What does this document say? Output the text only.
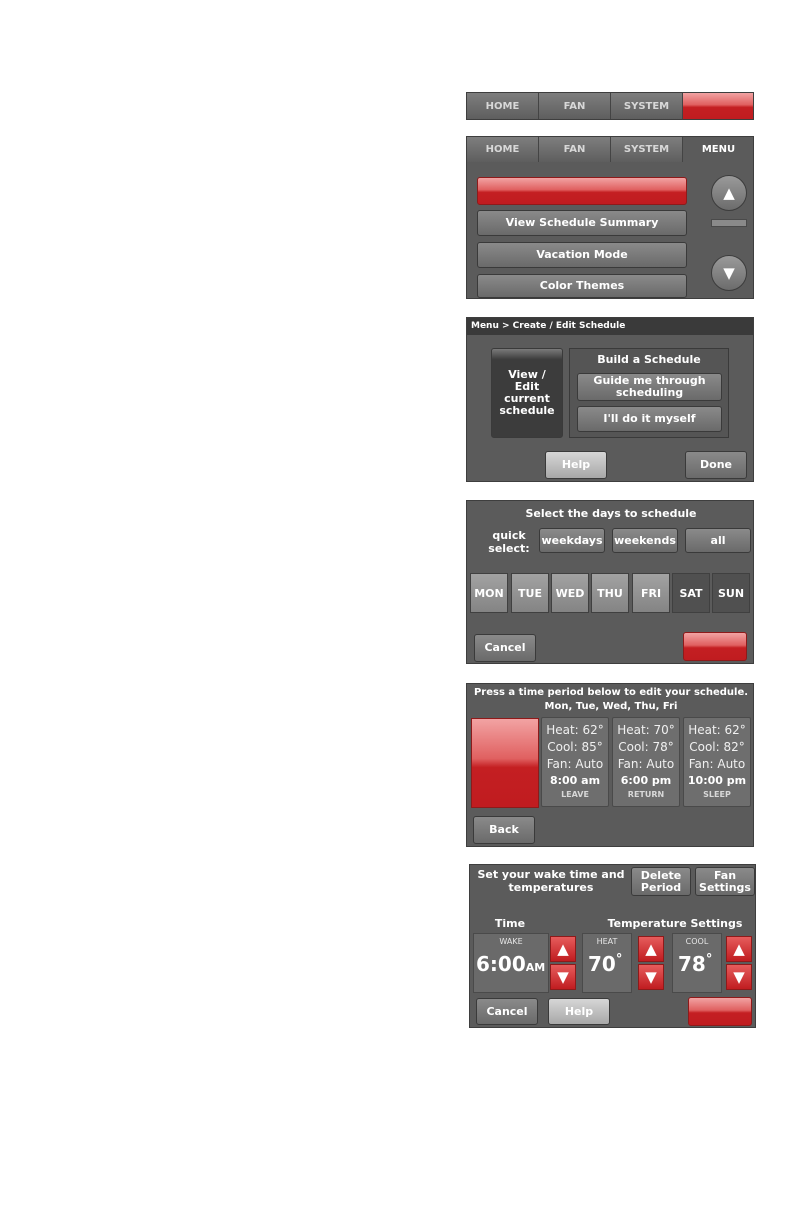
HOME	FAN	SYSTEM
HOME	FAN	SYSTEM	MENU
View Schedule Summary
Vacation Mode
Color Themes
▲
▼
Menu > Create / Edit Schedule
View / Edit current schedule
Build a Schedule
Guide me through scheduling
I'll do it myself
Help	Done
Select the days to schedule
quick select:
weekdays weekends	all
MON	TUE	WED	THU	FRI	SAT	SUN
Cancel
Press a time period below to edit your schedule.
Mon, Tue, Wed, Thu, Fri
Heat: 62°
Cool: 85°
Fan: Auto
8:00 am
LEAVE
Heat: 70°
Cool: 78°
Fan: Auto
6:00 pm
RETURN
Heat: 62°
Cool: 82°
Fan: Auto
10:00 pm
SLEEP
Back
Set your wake time and temperatures
Delete Period
Fan Settings
Time	Temperature Settings
WAKE
6:00AM
▲
▼
HEAT
70°
▲
▼
COOL
78°
▲
▼
Cancel	Help
